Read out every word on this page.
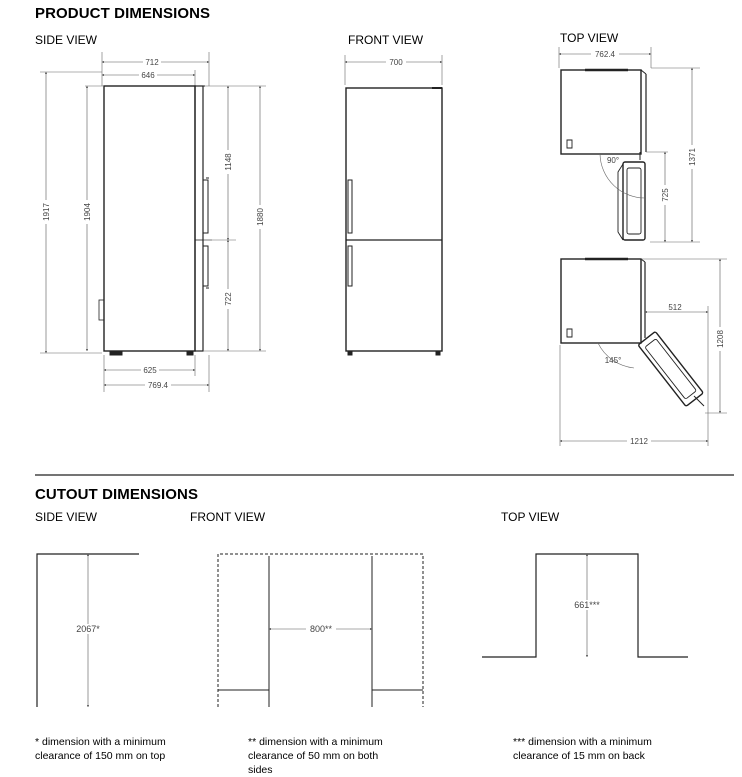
PRODUCT DIMENSIONS
SIDE VIEW	FRONT VIEW	TOP VIEW
CUTOUT DIMENSIONS
SIDE VIEW	FRONT VIEW	TOP VIEW
* dimension with a minimum
clearance of 150 mm on top
** dimension with a minimum
clearance of 50 mm on both
sides
*** dimension with a minimum
clearance of 15 mm on back
712
646
1917	1904
1148
1880
722
625
769.4
700
762.4
90°
725
1371
512
145°
1208
1212
2067*	800**
661***
